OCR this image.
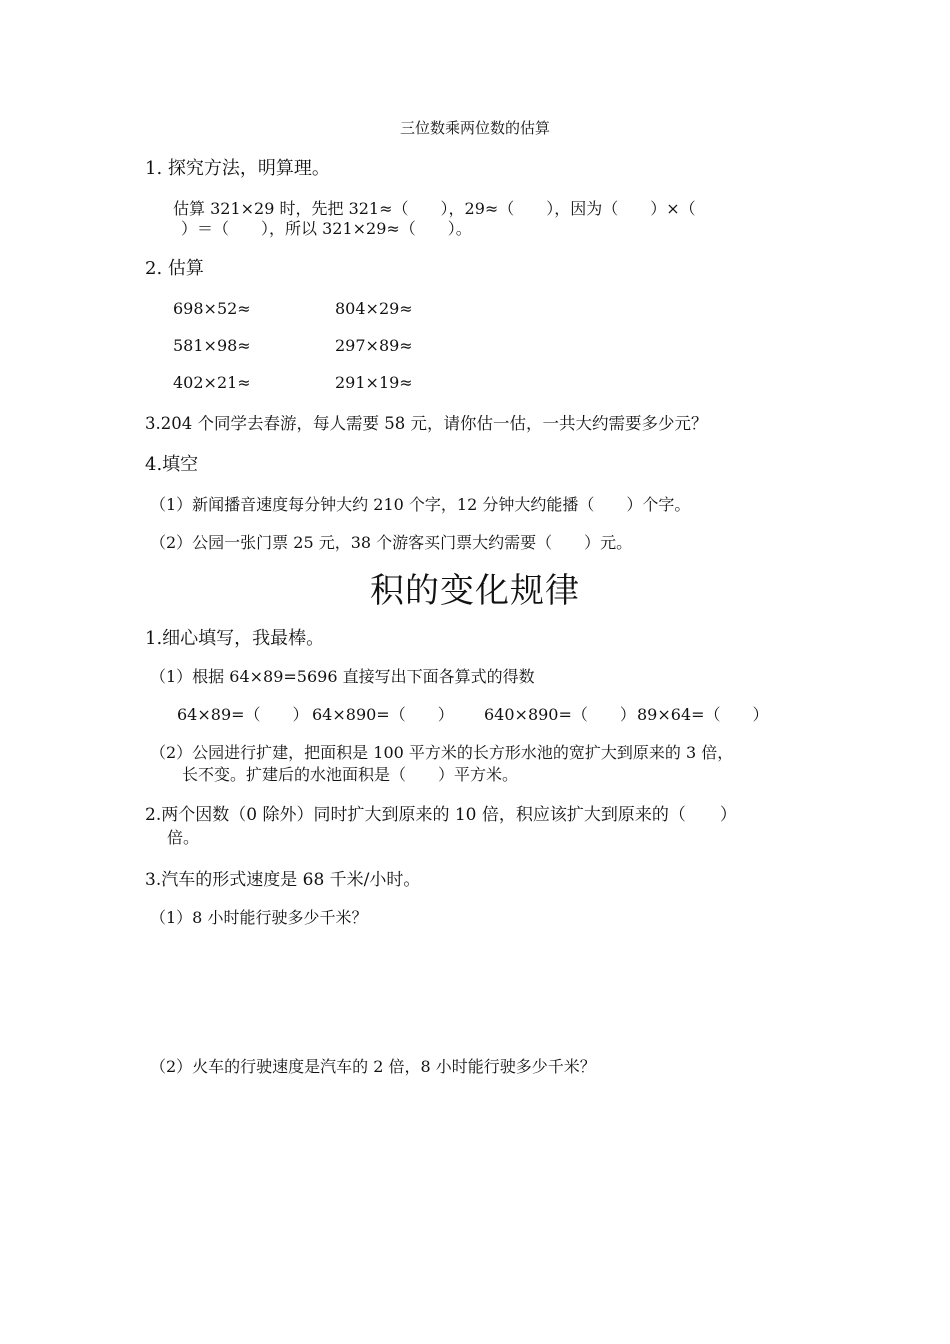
三位数乘两位数的估算
1. 探究方法，明算理。
估算 321×29 时，先把 321≈（　　），29≈（　　），因为（　　）×（
）＝（　　），所以 321×29≈（　　）。
2. 估算
698×52≈	804×29≈
581×98≈	297×89≈
402×21≈	291×19≈
3.204 个同学去春游，每人需要 58 元，请你估一估，一共大约需要多少元？
4.填空
（1）新闻播音速度每分钟大约 210 个字，12 分钟大约能播（　　）个字。
（2）公园一张门票 25 元，38 个游客买门票大约需要（　　）元。
积的变化规律
1.细心填写，我最棒。
（1）根据 64×89=5696 直接写出下面各算式的得数
64×89=（　　） 64×890=（　　） 640×890=（　　） 89×64=（　　）
（2）公园进行扩建，把面积是 100 平方米的长方形水池的宽扩大到原来的 3 倍，
长不变。扩建后的水池面积是（　　）平方米。
2.两个因数（0 除外）同时扩大到原来的 10 倍，积应该扩大到原来的（　　）
倍。
3.汽车的形式速度是 68 千米/小时。
（1）8 小时能行驶多少千米？
（2）火车的行驶速度是汽车的 2 倍，8 小时能行驶多少千米？
